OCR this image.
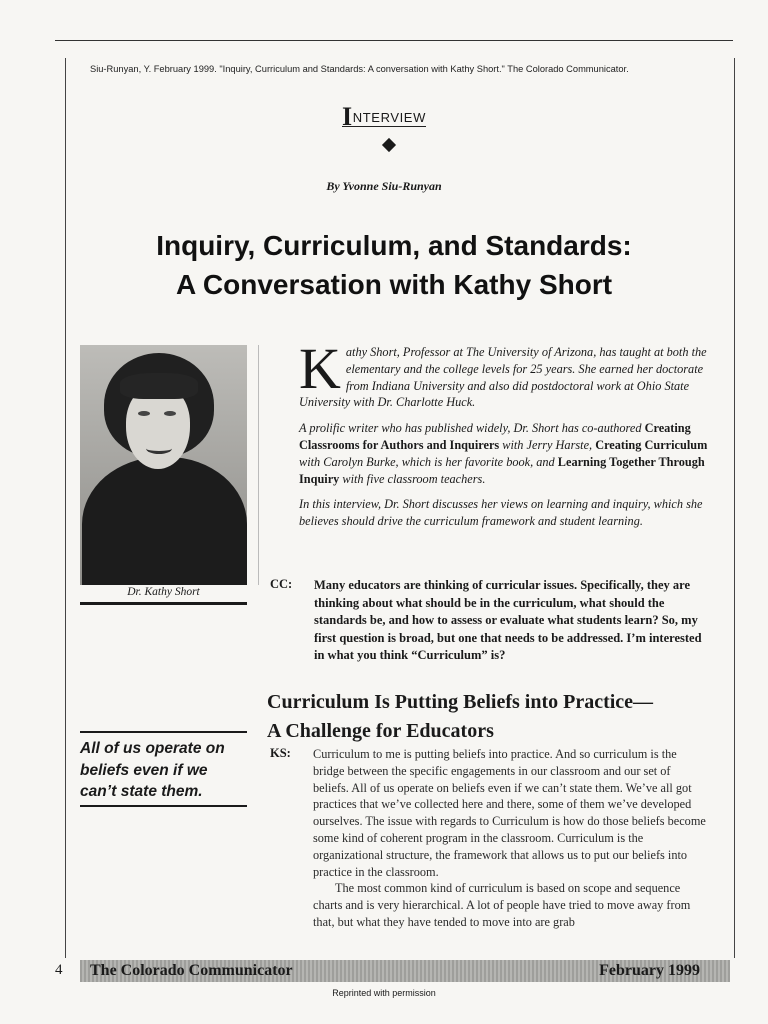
Siu-Runyan, Y. February 1999. "Inquiry, Curriculum and Standards: A conversation with Kathy Short." The Colorado Communicator.
INTERVIEW
By Yvonne Siu-Runyan
Inquiry, Curriculum, and Standards:
A Conversation with Kathy Short
Dr. Kathy Short

Kathy Short, Professor at The University of Arizona, has taught at both the elementary and the college levels for 25 years. She earned her doctorate from Indiana University and also did postdoctoral work at Ohio State University with Dr. Charlotte Huck.

A prolific writer who has published widely, Dr. Short has co-authored Creating Classrooms for Authors and Inquirers with Jerry Harste, Creating Curriculum with Carolyn Burke, which is her favorite book, and Learning Together Through Inquiry with five classroom teachers.

In this interview, Dr. Short discusses her views on learning and inquiry, which she believes should drive the curriculum framework and student learning.

CC: Many educators are thinking of curricular issues. Specifically, they are thinking about what should be in the curriculum, what should the standards be, and how to assess or evaluate what students learn? So, my first question is broad, but one that needs to be addressed. I’m interested in what you think “Curriculum” is?
Curriculum Is Putting Beliefs into Practice—
A Challenge for Educators
All of us operate on beliefs even if we can’t state them.
KS: Curriculum to me is putting beliefs into practice. And so curriculum is the bridge between the specific engagements in our classroom and our set of beliefs. All of us operate on beliefs even if we can’t state them. We’ve all got practices that we’ve collected here and there, some of them we’ve developed ourselves. The issue with regards to Curriculum is how do those beliefs become some kind of coherent program in the classroom. Curriculum is the organizational structure, the framework that allows us to put our beliefs into practice in the classroom.

The most common kind of curriculum is based on scope and sequence charts and is very hierarchical. A lot of people have tried to move away from that, but what they have tended to move into are grab

4 The Colorado Communicator	February 1999
Reprinted with permission
